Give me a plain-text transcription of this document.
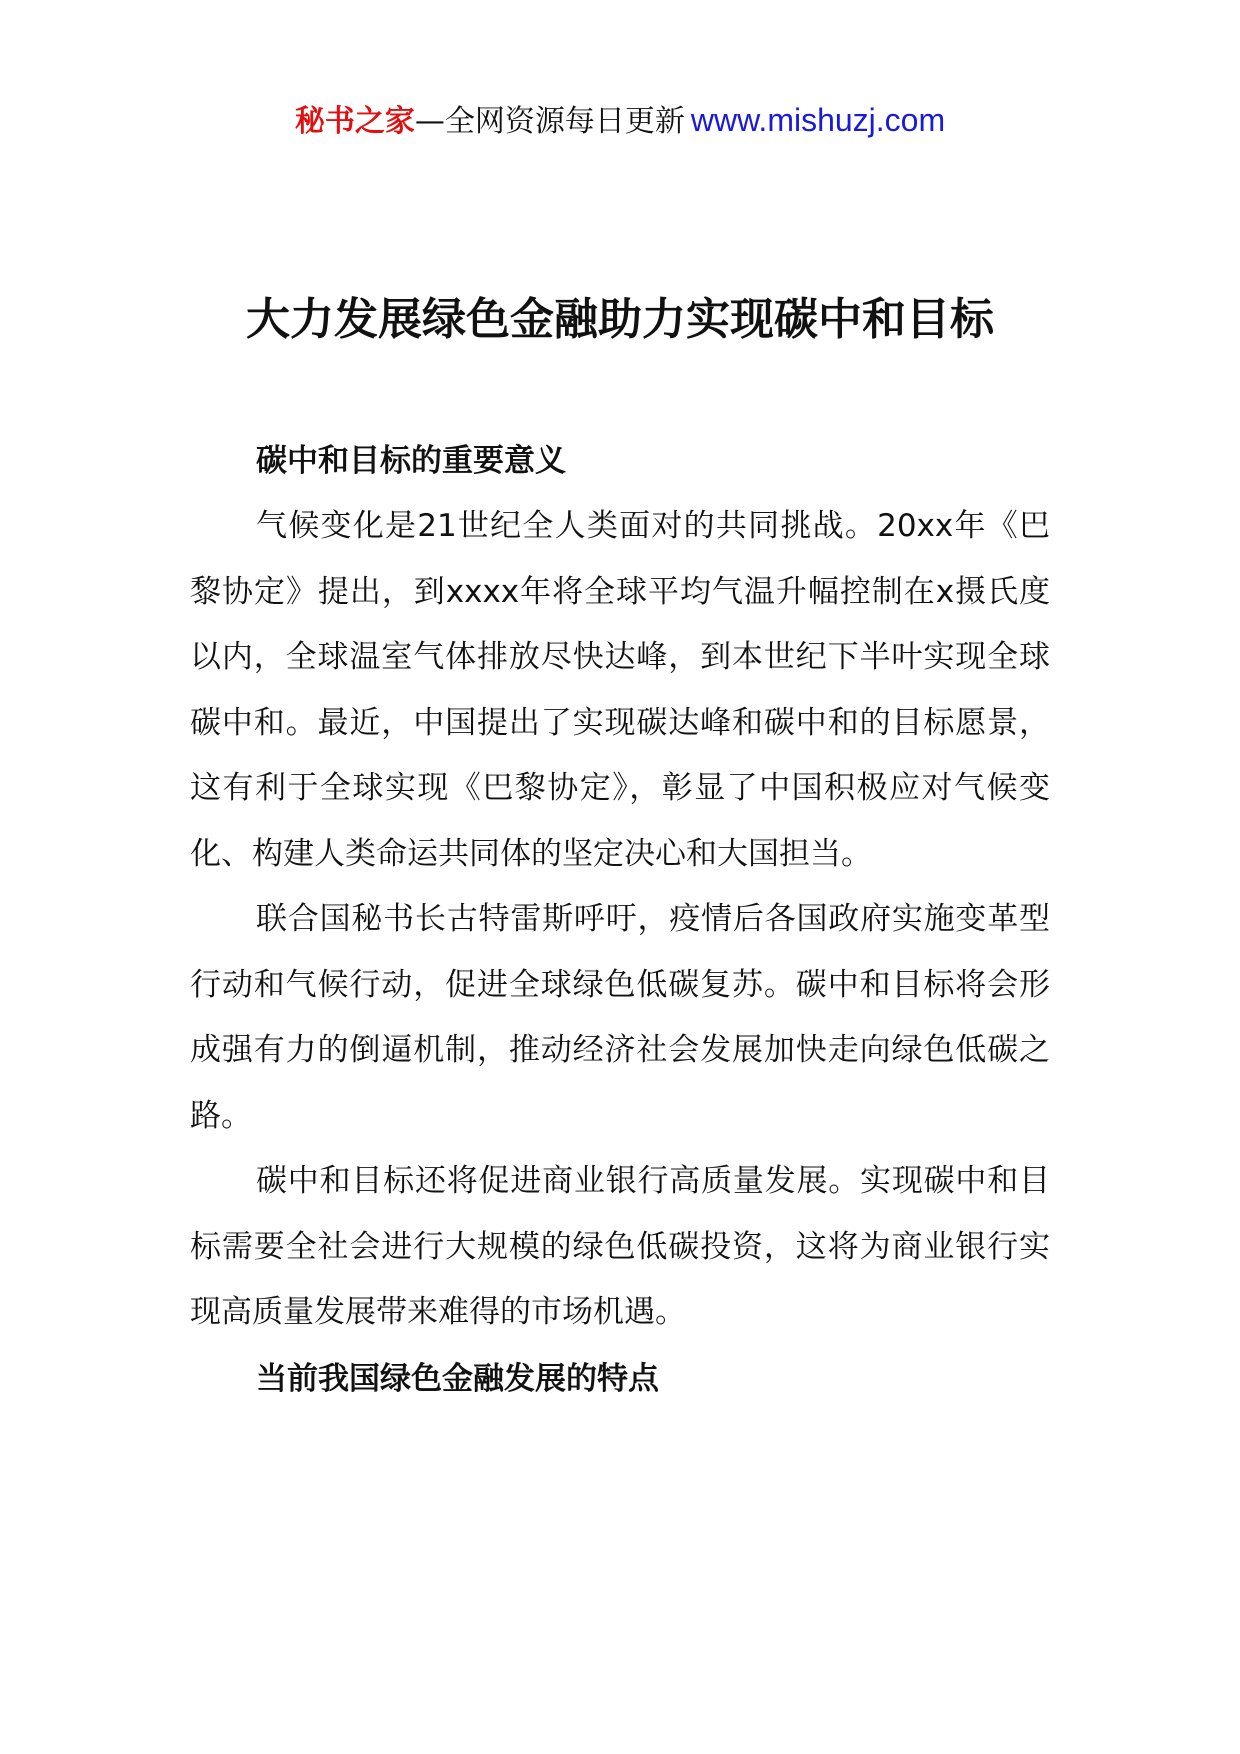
秘书之家—全网资源每日更新 www.mishuzj.com
大力发展绿色金融助力实现碳中和目标

碳中和目标的重要意义

气候变化是21世纪全人类面对的共同挑战。20xx年《巴黎协定》提出，到xxxx年将全球平均气温升幅控制在x摄氏度以内，全球温室气体排放尽快达峰，到本世纪下半叶实现全球碳中和。最近，中国提出了实现碳达峰和碳中和的目标愿景，这有利于全球实现《巴黎协定》，彰显了中国积极应对气候变化、构建人类命运共同体的坚定决心和大国担当。

联合国秘书长古特雷斯呼吁，疫情后各国政府实施变革型行动和气候行动，促进全球绿色低碳复苏。碳中和目标将会形成强有力的倒逼机制，推动经济社会发展加快走向绿色低碳之路。

碳中和目标还将促进商业银行高质量发展。实现碳中和目标需要全社会进行大规模的绿色低碳投资，这将为商业银行实现高质量发展带来难得的市场机遇。

当前我国绿色金融发展的特点
